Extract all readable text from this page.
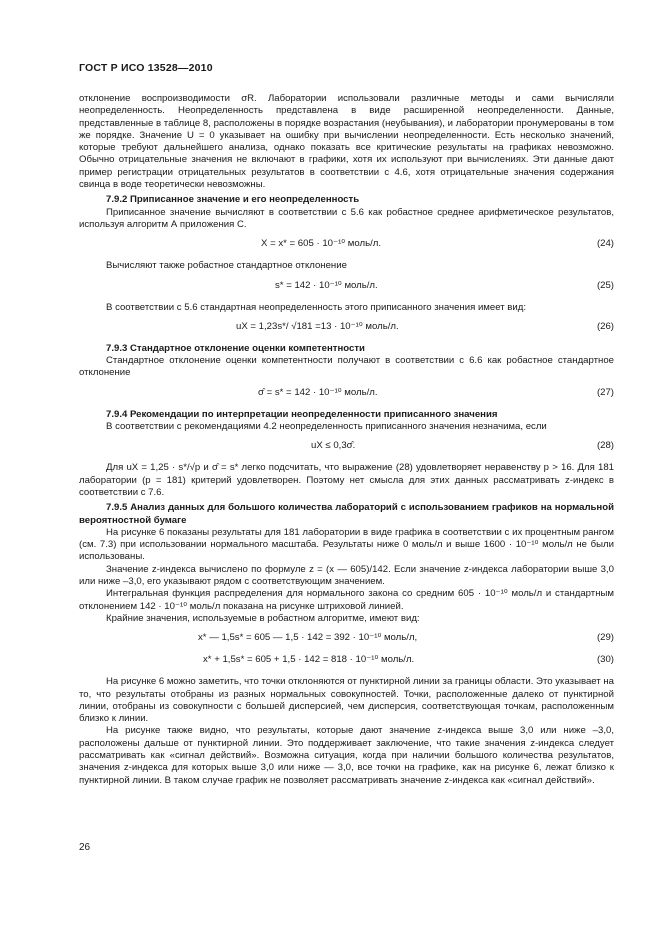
ГОСТ Р ИСО 13528—2010

отклонение воспроизводимости σR. Лаборатории использовали различные методы и сами вычисляли неопределенность. Неопределенность представлена в виде расширенной неопределенности. Данные, представленные в таблице 8, расположены в порядке возрастания (неубывания), и лаборатории пронумерованы в том же порядке. Значение U = 0 указывает на ошибку при вычислении неопределенности. Есть несколько значений, которые требуют дальнейшего анализа, однако показать все критические результаты на графиках невозможно. Обычно отрицательные значения не включают в графики, хотя их используют при вычислениях. Эти данные дают пример регистрации отрицательных результатов в соответствии с 4.6, хотя отрицательные значения содержания свинца в воде теоретически невозможны.

7.9.2 Приписанное значение и его неопределенность

Приписанное значение вычисляют в соответствии с 5.6 как робастное среднее арифметическое результатов, используя алгоритм А приложения С.

X = x* = 605 · 10⁻¹⁰ моль/л.	(24)

Вычисляют также робастное стандартное отклонение

s* = 142 · 10⁻¹⁰ моль/л.	(25)

В соответствии с 5.6 стандартная неопределенность этого приписанного значения имеет вид:

uX = 1,23s*/ √181 =13 · 10⁻¹⁰ моль/л.	(26)

7.9.3 Стандартное отклонение оценки компетентности

Стандартное отклонение оценки компетентности получают в соответствии с 6.6 как робастное стандартное отклонение

σ̂ = s* = 142 · 10⁻¹⁰ моль/л.	(27)

7.9.4 Рекомендации по интерпретации неопределенности приписанного значения

В соответствии с рекомендациями 4.2 неопределенность приписанного значения незначима, если

uX ≤ 0,3σ̂.	(28)

Для uX = 1,25 · s*/√p и σ̂ = s* легко подсчитать, что выражение (28) удовлетворяет неравенству p > 16. Для 181 лаборатории (p = 181) критерий удовлетворен. Поэтому нет смысла для этих данных рассматривать z-индекс в соответствии с 7.6.

7.9.5 Анализ данных для большого количества лабораторий с использованием графиков на нормальной вероятностной бумаге

На рисунке 6 показаны результаты для 181 лаборатории в виде графика в соответствии с их процентным рангом (см. 7.3) при использовании нормального масштаба. Результаты ниже 0 моль/л и выше 1600 · 10⁻¹⁰ моль/л не были использованы.

Значение z-индекса вычислено по формуле z = (x — 605)/142. Если значение z-индекса лаборатории выше 3,0 или ниже –3,0, его указывают рядом с соответствующим значением.

Интегральная функция распределения для нормального закона со средним 605 · 10⁻¹⁰ моль/л и стандартным отклонением 142 · 10⁻¹⁰ моль/л показана на рисунке штриховой линией.

Крайние значения, используемые в робастном алгоритме, имеют вид:

x* — 1,5s* = 605 — 1,5 · 142 = 392 · 10⁻¹⁰ моль/л,	(29)
x* + 1,5s* = 605 + 1,5 · 142 = 818 · 10⁻¹⁰ моль/л.	(30)

На рисунке 6 можно заметить, что точки отклоняются от пунктирной линии за границы области. Это указывает на то, что результаты отобраны из разных нормальных совокупностей. Точки, расположенные далеко от пунктирной линии, отобраны из совокупности с большей дисперсией, чем дисперсия, соответствующая точкам, расположенным близко к линии.

На рисунке также видно, что результаты, которые дают значение z-индекса выше 3,0 или ниже –3,0, расположены дальше от пунктирной линии. Это поддерживает заключение, что такие значения z-индекса следует рассматривать как «сигнал действий». Возможна ситуация, когда при наличии большого количества результатов, значения z-индекса для которых выше 3,0 или ниже — 3,0, все точки на графике, как на рисунке 6, лежат близко к пунктирной линии. В таком случае график не позволяет рассматривать значение z-индекса как «сигнал действий».

26
